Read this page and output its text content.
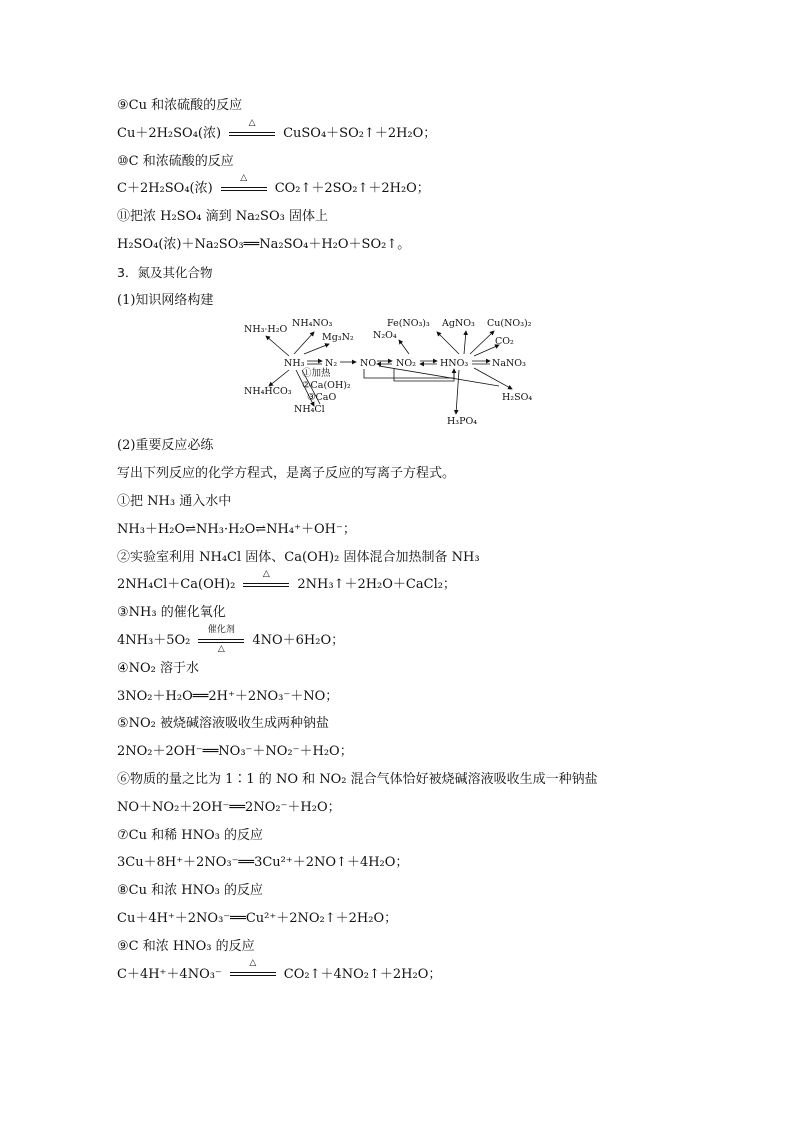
⑨Cu 和浓硫酸的反应
Cu＋2H₂SO₄(浓)
△
CuSO₄＋SO₂↑＋2H₂O；
⑩C 和浓硫酸的反应
C＋2H₂SO₄(浓)
△
CO₂↑＋2SO₂↑＋2H₂O；
⑪把浓 H₂SO₄ 滴到 Na₂SO₃ 固体上
H₂SO₄(浓)＋Na₂SO₃══Na₂SO₄＋H₂O＋SO₂↑。
3．氮及其化合物
(1)知识网络构建
NH₃·H₂O
NH₄NO₃
Mg₃N₂
NH₃ N₂ NO NO₂	HNO₃	NaNO₃
N₂O₄
Fe(NO₃)₃ AgNO₃ Cu(NO₃)₂
CO₂
H₂SO₄
H₃PO₄
NH₄HCO₃
NH₄Cl
①加热
②Ca(OH)₂
③CaO
(2)重要反应必练
写出下列反应的化学方程式，是离子反应的写离子方程式。
①把 NH₃ 通入水中
NH₃＋H₂O⇌NH₃·H₂O⇌NH₄⁺＋OH⁻；
②实验室利用 NH₄Cl 固体、Ca(OH)₂ 固体混合加热制备 NH₃
2NH₄Cl＋Ca(OH)₂
△
2NH₃↑＋2H₂O＋CaCl₂；
③NH₃ 的催化氧化
4NH₃＋5O₂
催化剂
△
4NO＋6H₂O；
④NO₂ 溶于水
3NO₂＋H₂O══2H⁺＋2NO₃⁻＋NO；
⑤NO₂ 被烧碱溶液吸收生成两种钠盐
2NO₂＋2OH⁻══NO₃⁻＋NO₂⁻＋H₂O；
⑥物质的量之比为 1∶1 的 NO 和 NO₂ 混合气体恰好被烧碱溶液吸收生成一种钠盐
NO＋NO₂＋2OH⁻══2NO₂⁻＋H₂O；
⑦Cu 和稀 HNO₃ 的反应
3Cu＋8H⁺＋2NO₃⁻══3Cu²⁺＋2NO↑＋4H₂O；
⑧Cu 和浓 HNO₃ 的反应
Cu＋4H⁺＋2NO₃⁻══Cu²⁺＋2NO₂↑＋2H₂O；
⑨C 和浓 HNO₃ 的反应
C＋4H⁺＋4NO₃⁻
△
CO₂↑＋4NO₂↑＋2H₂O；
